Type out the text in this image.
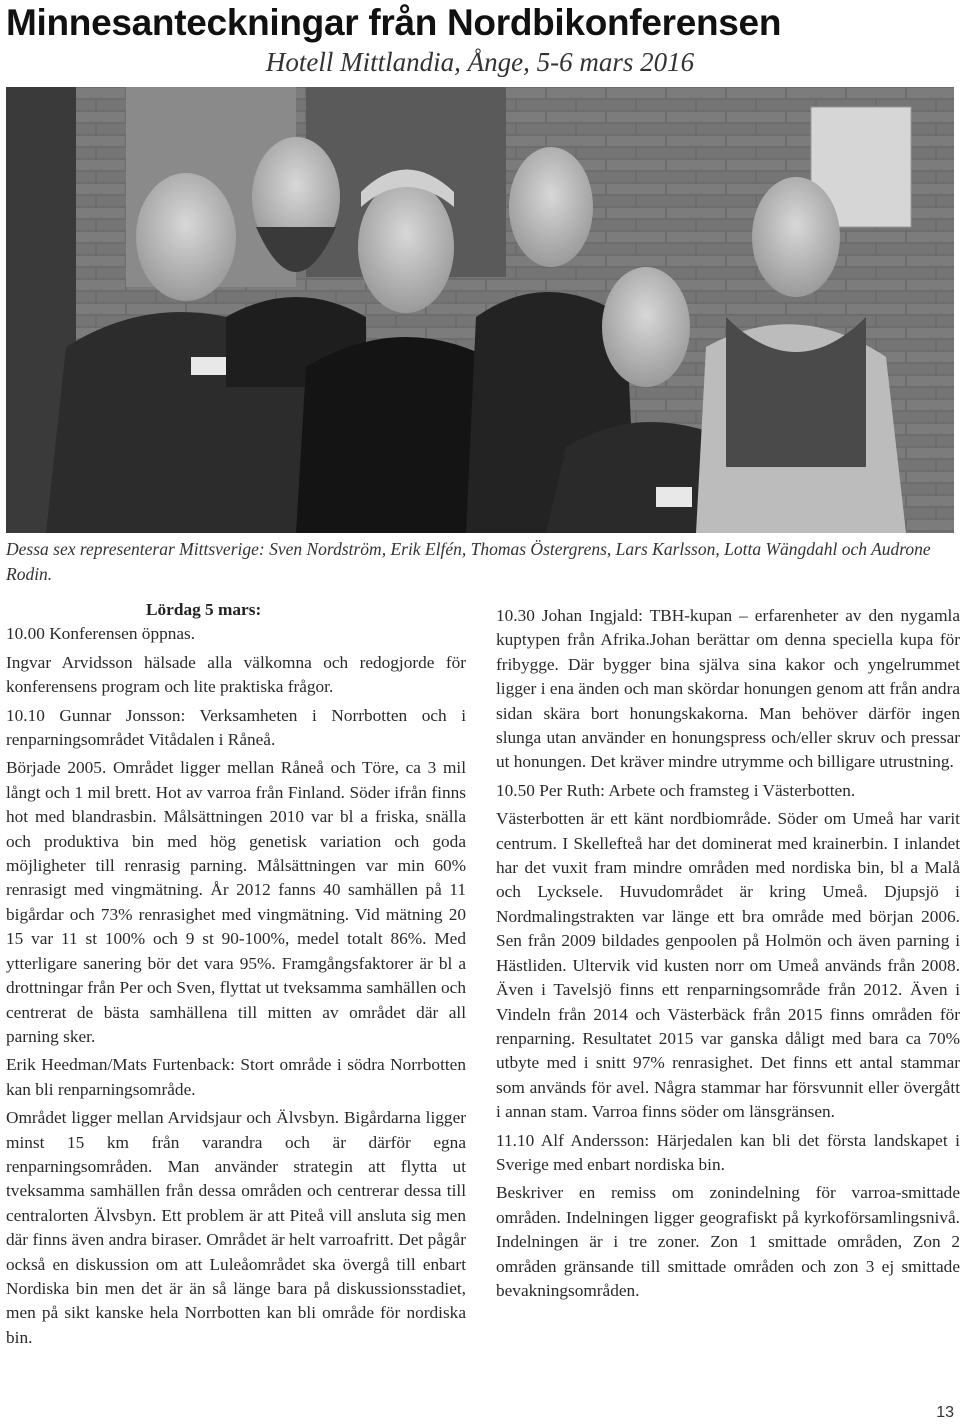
Minnesanteckningar från Nordbikonferensen
Hotell Mittlandia, Ånge, 5-6 mars 2016
Dessa sex representerar Mittsverige: Sven Nordström, Erik Elfén, Thomas Östergrens, Lars Karlsson, Lotta Wängdahl och Audrone Rodin.

Lördag 5 mars:

10.00 Konferensen öppnas.

Ingvar Arvidsson hälsade alla välkomna och redogjorde för konferensens program och lite praktiska frågor.

10.10 Gunnar Jonsson: Verksamheten i Norrbotten och i renparningsområdet Vitådalen i Råneå.

Började 2005. Området ligger mellan Råneå och Töre, ca 3 mil långt och 1 mil brett. Hot av varroa från Finland. Söder ifrån finns hot med blandrasbin. Målsättningen 2010 var bl a friska, snälla och produktiva bin med hög genetisk variation och goda möjligheter till renrasig parning. Målsättningen var min 60% renrasigt med vingmätning. År 2012 fanns 40 samhällen på 11 bigårdar och 73% renrasighet med vingmätning. Vid mätning 20 15 var 11 st 100% och 9 st 90-100%, medel totalt 86%. Med ytterligare sanering bör det vara 95%. Framgångsfaktorer är bl a drottningar från Per och Sven, flyttat ut tveksamma samhällen och centrerat de bästa samhällena till mitten av området där all parning sker.

Erik Heedman/Mats Furtenback: Stort område i södra Norrbotten kan bli renparningsområde.

Området ligger mellan Arvidsjaur och Älvsbyn. Bigårdarna ligger minst 15 km från varandra och är därför egna renparningsområden. Man använder strategin att flytta ut tveksamma samhällen från dessa områden och centrerar dessa till centralorten Älvsbyn. Ett problem är att Piteå vill ansluta sig men där finns även andra biraser. Området är helt varroafritt. Det pågår också en diskussion om att Luleåområdet ska övergå till enbart Nordiska bin men det är än så länge bara på diskussionsstadiet, men på sikt kanske hela Norrbotten kan bli område för nordiska bin.

10.30 Johan Ingjald: TBH-kupan – erfarenheter av den nygamla kuptypen från Afrika.Johan berättar om denna speciella kupa för fribygge. Där bygger bina själva sina kakor och yngelrummet ligger i ena änden och man skördar honungen genom att från andra sidan skära bort honungskakorna. Man behöver därför ingen slunga utan använder en honungspress och/eller skruv och pressar ut honungen. Det kräver mindre utrymme och billigare utrustning.

10.50 Per Ruth: Arbete och framsteg i Västerbotten.

Västerbotten är ett känt nordbiområde. Söder om Umeå har varit centrum. I Skellefteå har det dominerat med krainerbin. I inlandet har det vuxit fram mindre områden med nordiska bin, bl a Malå och Lycksele. Huvudområdet är kring Umeå. Djupsjö i Nordmalingstrakten var länge ett bra område med början 2006. Sen från 2009 bildades genpoolen på Holmön och även parning i Hästliden. Ultervik vid kusten norr om Umeå används från 2008. Även i Tavelsjö finns ett renparningsområde från 2012. Även i Vindeln från 2014 och Västerbäck från 2015 finns områden för renparning. Resultatet 2015 var ganska dåligt med bara ca 70% utbyte med i snitt 97% renrasighet. Det finns ett antal stammar som används för avel. Några stammar har försvunnit eller övergått i annan stam. Varroa finns söder om länsgränsen.

11.10 Alf Andersson: Härjedalen kan bli det första landskapet i Sverige med enbart nordiska bin.

Beskriver en remiss om zonindelning för varroa-smittade områden. Indelningen ligger geografiskt på kyrkoförsamlingsnivå. Indelningen är i tre zoner. Zon 1 smittade områden, Zon 2 områden gränsande till smittade områden och zon 3 ej smittade bevakningsområden.

13
